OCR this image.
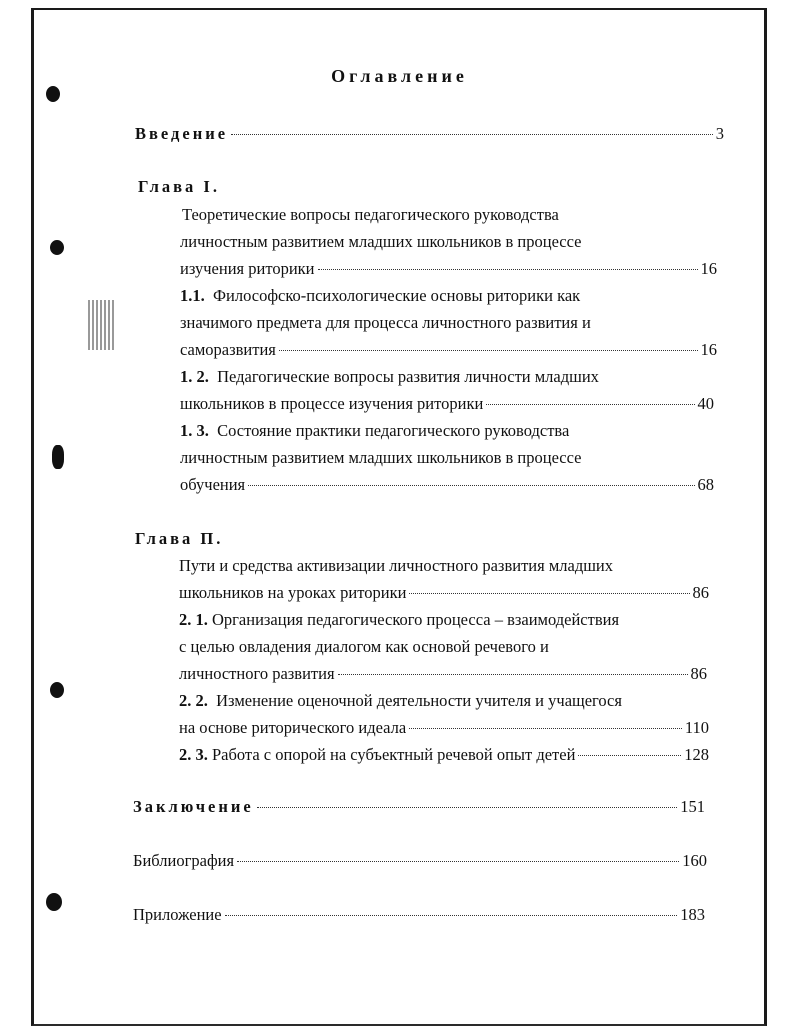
Оглавление
Введение	3
Глава I.
Теоретические вопросы педагогического руководства
личностным развитием младших школьников в процессе
изучения риторики	16
1.1. Философско-психологические основы риторики как
значимого предмета для процесса личностного развития и
саморазвития	16
1. 2. Педагогические вопросы развития личности младших
школьников в процессе изучения риторики	40
1. 3. Состояние практики педагогического руководства
личностным развитием младших школьников в процессе
обучения	68
Глава П.
Пути и средства активизации личностного развития младших
школьников на уроках риторики	86
2. 1. Организация педагогического процесса – взаимодействия
с целью овладения диалогом как основой речевого и
личностного развития	86
2. 2. Изменение оценочной деятельности учителя и учащегося
на основе риторического идеала	110
2. 3. Работа с опорой на субъектный речевой опыт детей	128
Заключение	151
Библиография	160
Приложение	183
